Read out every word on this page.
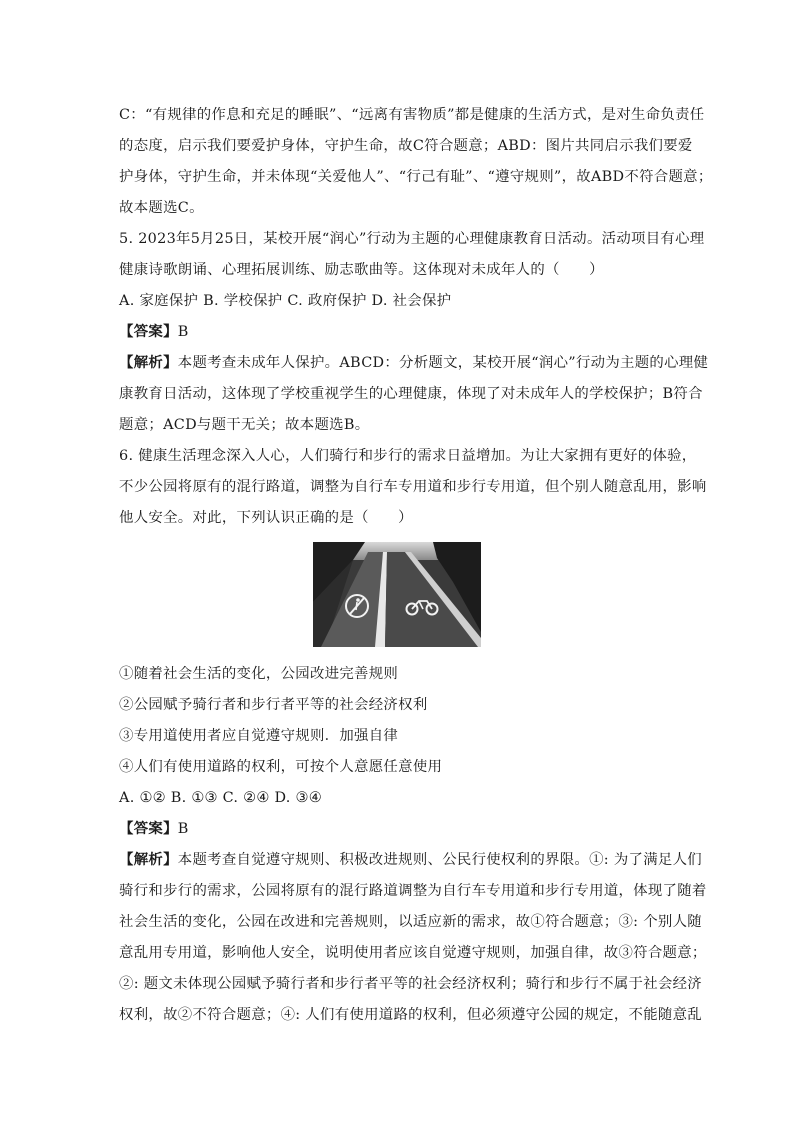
C：“有规律的作息和充足的睡眠”、“远离有害物质”都是健康的生活方式，是对生命负责任
的态度，启示我们要爱护身体，守护生命，故C符合题意；ABD：图片共同启示我们要爱
护身体，守护生命，并未体现“关爱他人”、“行己有耻”、“遵守规则”，故ABD不符合题意；
故本题选C。
5. 2023年5月25日，某校开展“润心”行动为主题的心理健康教育日活动。活动项目有心理
健康诗歌朗诵、心理拓展训练、励志歌曲等。这体现对未成年人的（　　）
A. 家庭保护 B. 学校保护 C. 政府保护 D. 社会保护
【答案】B
【解析】本题考查未成年人保护。ABCD：分析题文，某校开展“润心”行动为主题的心理健
康教育日活动，这体现了学校重视学生的心理健康，体现了对未成年人的学校保护；B符合
题意；ACD与题干无关；故本题选B。
6. 健康生活理念深入人心，人们骑行和步行的需求日益增加。为让大家拥有更好的体验，
不少公园将原有的混行路道，调整为自行车专用道和步行专用道，但个别人随意乱用，影响
他人安全。对此，下列认识正确的是（　　）
①随着社会生活的变化，公园改进完善规则
②公园赋予骑行者和步行者平等的社会经济权利
③专用道使用者应自觉遵守规则．加强自律
④人们有使用道路的权利，可按个人意愿任意使用
A. ①② B. ①③ C. ②④ D. ③④
【答案】B
【解析】本题考查自觉遵守规则、积极改进规则、公民行使权利的界限。①: 为了满足人们
骑行和步行的需求，公园将原有的混行路道调整为自行车专用道和步行专用道，体现了随着
社会生活的变化，公园在改进和完善规则，以适应新的需求，故①符合题意；③: 个别人随
意乱用专用道，影响他人安全，说明使用者应该自觉遵守规则，加强自律，故③符合题意；
②: 题文未体现公园赋予骑行者和步行者平等的社会经济权利；骑行和步行不属于社会经济
权利，故②不符合题意；④: 人们有使用道路的权利，但必须遵守公园的规定，不能随意乱
